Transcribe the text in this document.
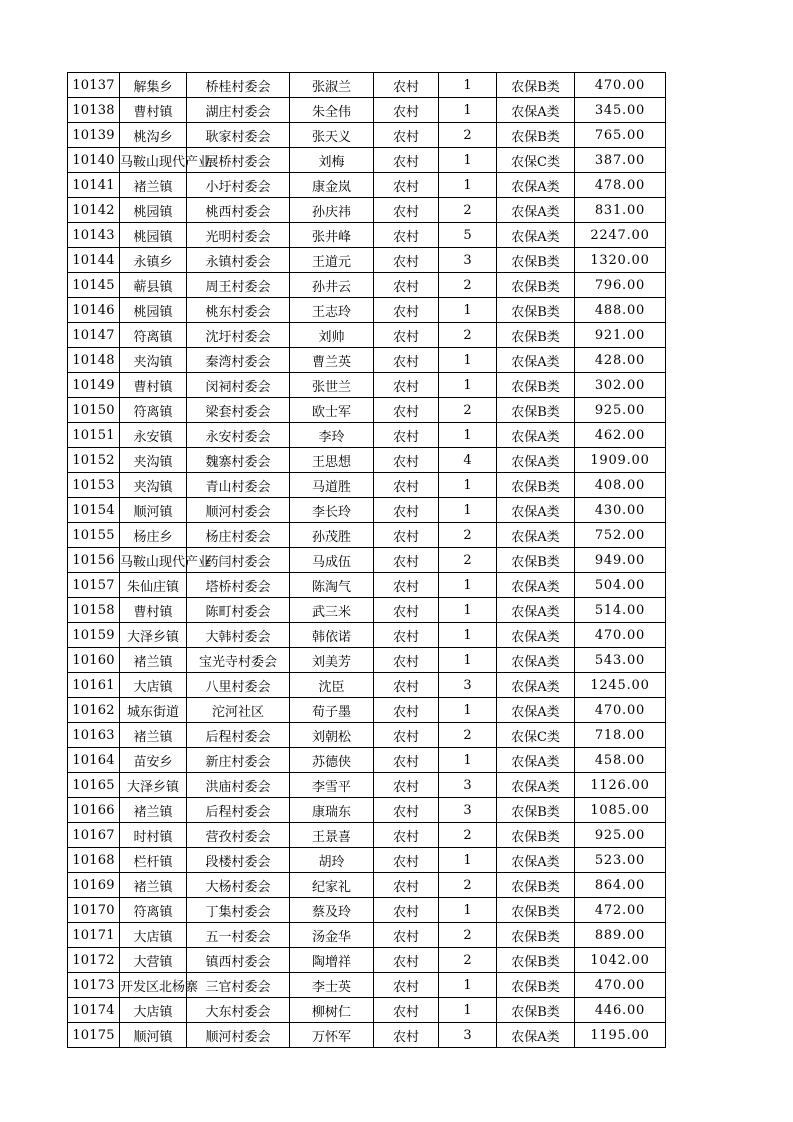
10137	解集乡	桥桂村委会	张淑兰	农村	1	农保B类	470.00
10138	曹村镇	湖庄村委会	朱全伟	农村	1	农保A类	345.00
10139	桃沟乡	耿家村委会	张天义	农村	2	农保B类	765.00
10140	马鞍山现代产业	展桥村委会	刘梅	农村	1	农保C类	387.00
10141	褚兰镇	小圩村委会	康金岚	农村	1	农保A类	478.00
10142	桃园镇	桃西村委会	孙庆祎	农村	2	农保A类	831.00
10143	桃园镇	光明村委会	张井峰	农村	5	农保A类	2247.00
10144	永镇乡	永镇村委会	王道元	农村	3	农保B类	1320.00
10145	蕲县镇	周王村委会	孙井云	农村	2	农保B类	796.00
10146	桃园镇	桃东村委会	王志玲	农村	1	农保B类	488.00
10147	符离镇	沈圩村委会	刘帅	农村	2	农保B类	921.00
10148	夹沟镇	秦湾村委会	曹兰英	农村	1	农保A类	428.00
10149	曹村镇	闵祠村委会	张世兰	农村	1	农保B类	302.00
10150	符离镇	梁套村委会	欧士军	农村	2	农保B类	925.00
10151	永安镇	永安村委会	李玲	农村	1	农保A类	462.00
10152	夹沟镇	魏寨村委会	王思想	农村	4	农保A类	1909.00
10153	夹沟镇	青山村委会	马道胜	农村	1	农保B类	408.00
10154	顺河镇	顺河村委会	李长玲	农村	1	农保A类	430.00
10155	杨庄乡	杨庄村委会	孙茂胜	农村	2	农保A类	752.00
10156	马鞍山现代产业	药闫村委会	马成伍	农村	2	农保B类	949.00
10157	朱仙庄镇	塔桥村委会	陈淘气	农村	1	农保A类	504.00
10158	曹村镇	陈町村委会	武三米	农村	1	农保A类	514.00
10159	大泽乡镇	大韩村委会	韩依诺	农村	1	农保A类	470.00
10160	褚兰镇	宝光寺村委会	刘美芳	农村	1	农保A类	543.00
10161	大店镇	八里村委会	沈臣	农村	3	农保A类	1245.00
10162	城东街道	沱河社区	荀子墨	农村	1	农保A类	470.00
10163	褚兰镇	后程村委会	刘朝松	农村	2	农保C类	718.00
10164	苗安乡	新庄村委会	苏德侠	农村	1	农保A类	458.00
10165	大泽乡镇	洪庙村委会	李雪平	农村	3	农保A类	1126.00
10166	褚兰镇	后程村委会	康瑞东	农村	3	农保B类	1085.00
10167	时村镇	营孜村委会	王景喜	农村	2	农保B类	925.00
10168	栏杆镇	段楼村委会	胡玲	农村	1	农保A类	523.00
10169	褚兰镇	大杨村委会	纪家礼	农村	2	农保B类	864.00
10170	符离镇	丁集村委会	蔡及玲	农村	1	农保B类	472.00
10171	大店镇	五一村委会	汤金华	农村	2	农保B类	889.00
10172	大营镇	镇西村委会	陶增祥	农村	2	农保B类	1042.00
10173	开发区北杨寨	三官村委会	李士英	农村	1	农保B类	470.00
10174	大店镇	大东村委会	柳树仁	农村	1	农保B类	446.00
10175	顺河镇	顺河村委会	万怀军	农村	3	农保A类	1195.00
